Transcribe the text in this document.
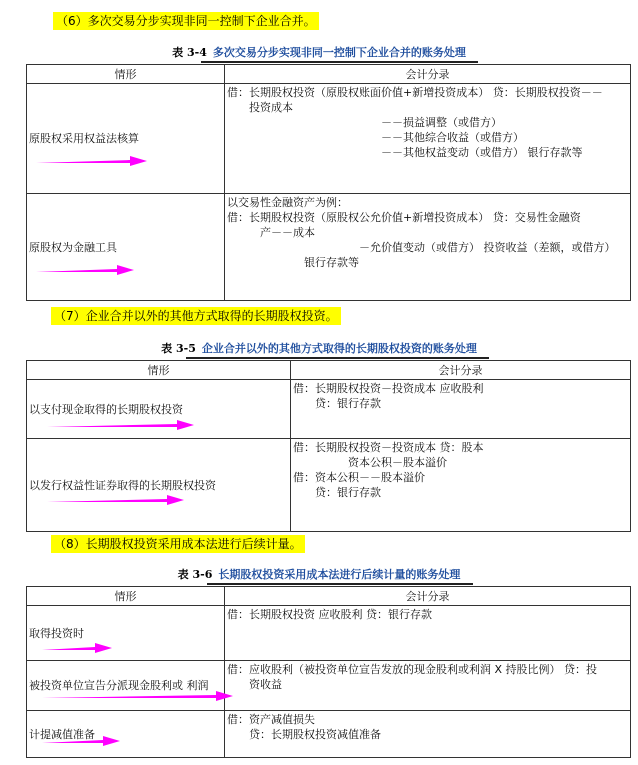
（6）多次交易分步实现非同一控制下企业合并。
表 3-4 多次交易分步实现非同一控制下企业合并的账务处理
情形	会计分录
原股权采用权益法核算	借：长期股权投资（原股权账面价值+新增投资成本） 贷：长期股权投资－－
　　投资成本
　　　　　　　　　　　　　　－－损益调整（或借方）
　　　　　　　　　　　　　　－－其他综合收益（或借方）
　　　　　　　　　　　　　　－－其他权益变动（或借方） 银行存款等

原股权为金融工具	以交易性金融资产为例：
借：长期股权投资（原股权公允价值+新增投资成本） 贷：交易性金融资
　　　产－－成本
　　　　　　　　　　　　－允价值变动（或借方） 投资收益（差额，或借方）
　　　　　　　银行存款等
（7）企业合并以外的其他方式取得的长期股权投资。
表 3-5 企业合并以外的其他方式取得的长期股权投资的账务处理
情形	会计分录
以支付现金取得的长期股权投资	借：长期股权投资－投资成本 应收股利
　　贷：银行存款

以发行权益性证券取得的长期股权投资	借：长期股权投资－投资成本 贷：股本
　　　　　资本公积－股本溢价
借：资本公积－－股本溢价
　　贷：银行存款
（8）长期股权投资采用成本法进行后续计量。
表 3-6 长期股权投资采用成本法进行后续计量的账务处理
情形	会计分录
取得投资时	借：长期股权投资 应收股利 贷：银行存款

被投资单位宣告分派现金股利或 利润	借：应收股利（被投资单位宣告发放的现金股利或利润 X 持股比例） 贷：投
　　资收益

计提减值准备	借：资产减值损失
　　贷：长期股权投资减值准备
